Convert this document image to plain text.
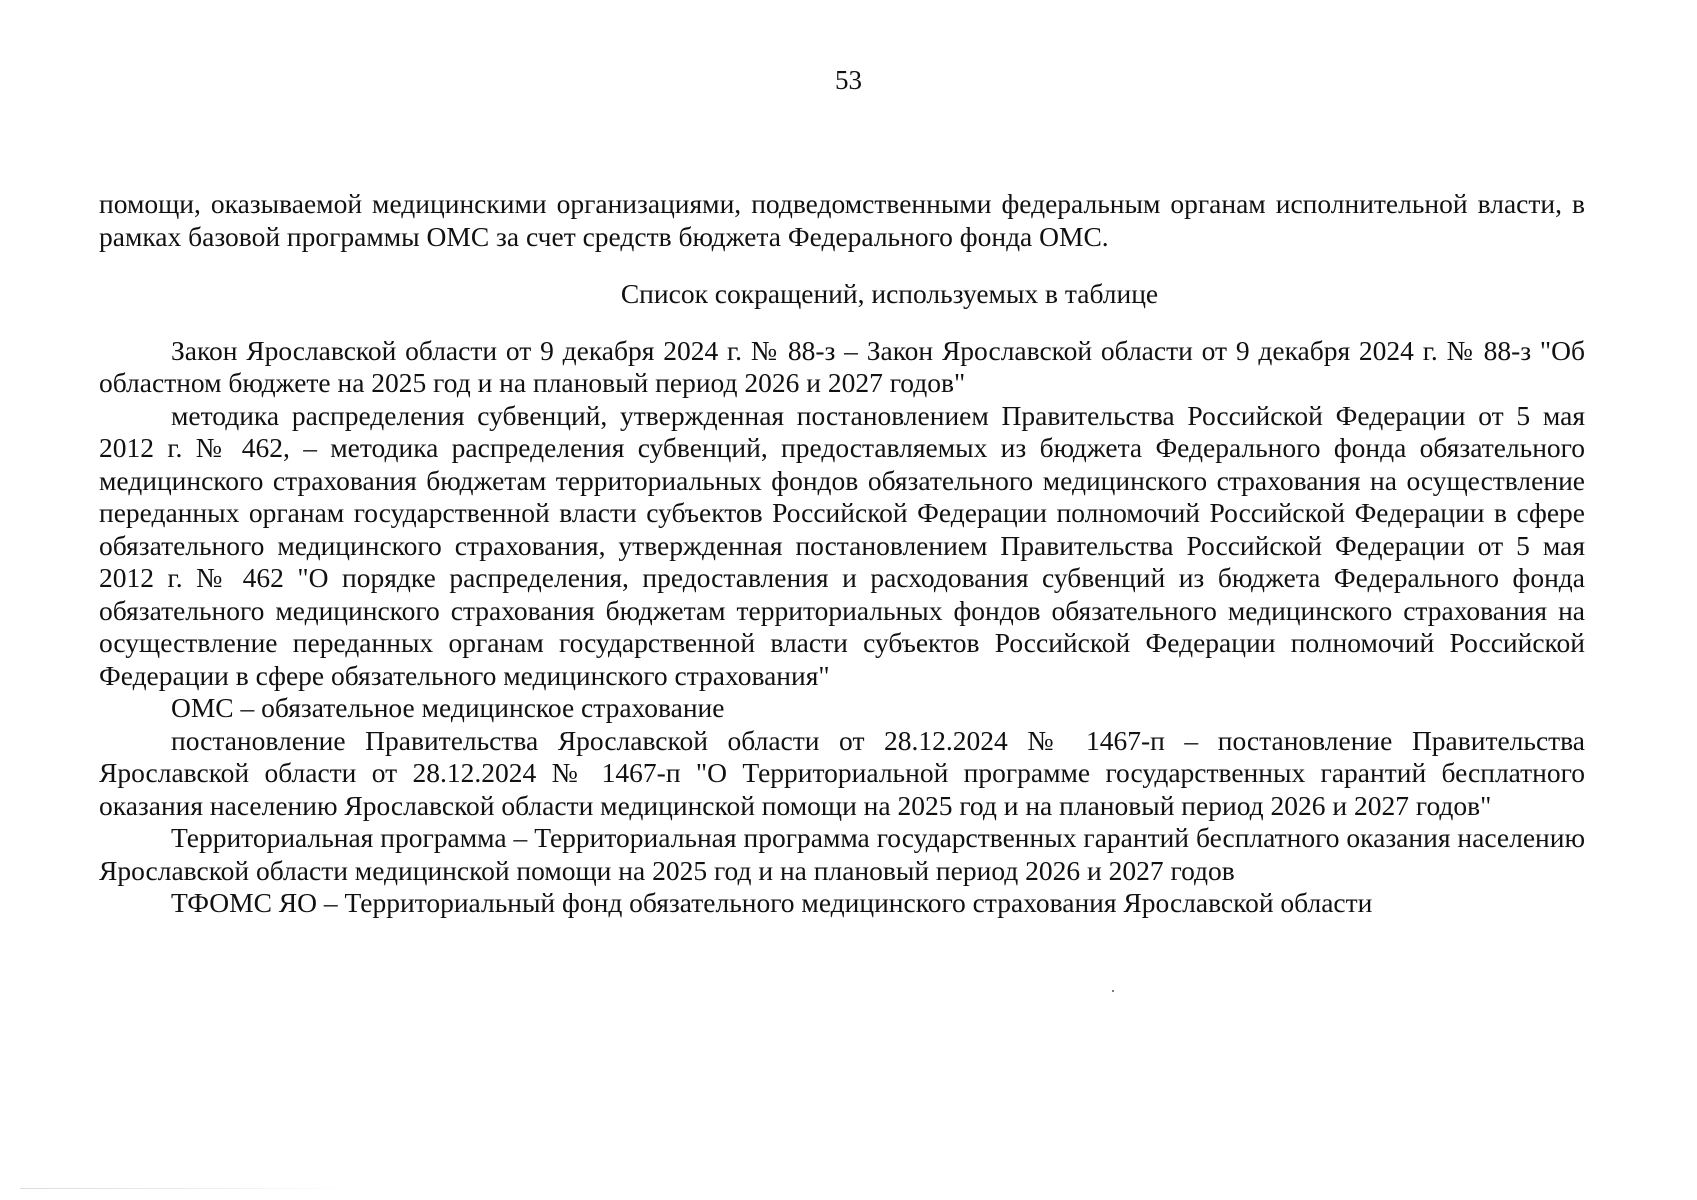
53

помощи, оказываемой медицинскими организациями, подведомственными федеральным органам исполнительной власти, в рамках базовой программы ОМС за счет средств бюджета Федерального фонда ОМС.

Список сокращений, используемых в таблице

Закон Ярославской области от 9 декабря 2024 г. № 88-з – Закон Ярославской области от 9 декабря 2024 г. № 88-з "Об областном бюджете на 2025 год и на плановый период 2026 и 2027 годов"

методика распределения субвенций, утвержденная постановлением Правительства Российской Федерации от 5 мая 2012 г. № 462, – методика распределения субвенций, предоставляемых из бюджета Федерального фонда обязательного медицинского страхования бюджетам территориальных фондов обязательного медицинского страхования на осуществление переданных органам государственной власти субъектов Российской Федерации полномочий Российской Федерации в сфере обязательного медицинского страхования, утвержденная постановлением Правительства Российской Федерации от 5 мая 2012 г. № 462 "О порядке распределения, предоставления и расходования субвенций из бюджета Федерального фонда обязательного медицинского страхования бюджетам территориальных фондов обязательного медицинского страхования на осуществление переданных органам государственной власти субъектов Российской Федерации полномочий Российской Федерации в сфере обязательного медицинского страхования"

ОМС – обязательное медицинское страхование

постановление Правительства Ярославской области от 28.12.2024 № 1467-п – постановление Правительства Ярославской области от 28.12.2024 № 1467-п "О Территориальной программе государственных гарантий бесплатного оказания населению Ярославской области медицинской помощи на 2025 год и на плановый период 2026 и 2027 годов"

Территориальная программа – Территориальная программа государственных гарантий бесплатного оказания населению Ярославской области медицинской помощи на 2025 год и на плановый период 2026 и 2027 годов

ТФОМС ЯО – Территориальный фонд обязательного медицинского страхования Ярославской области
